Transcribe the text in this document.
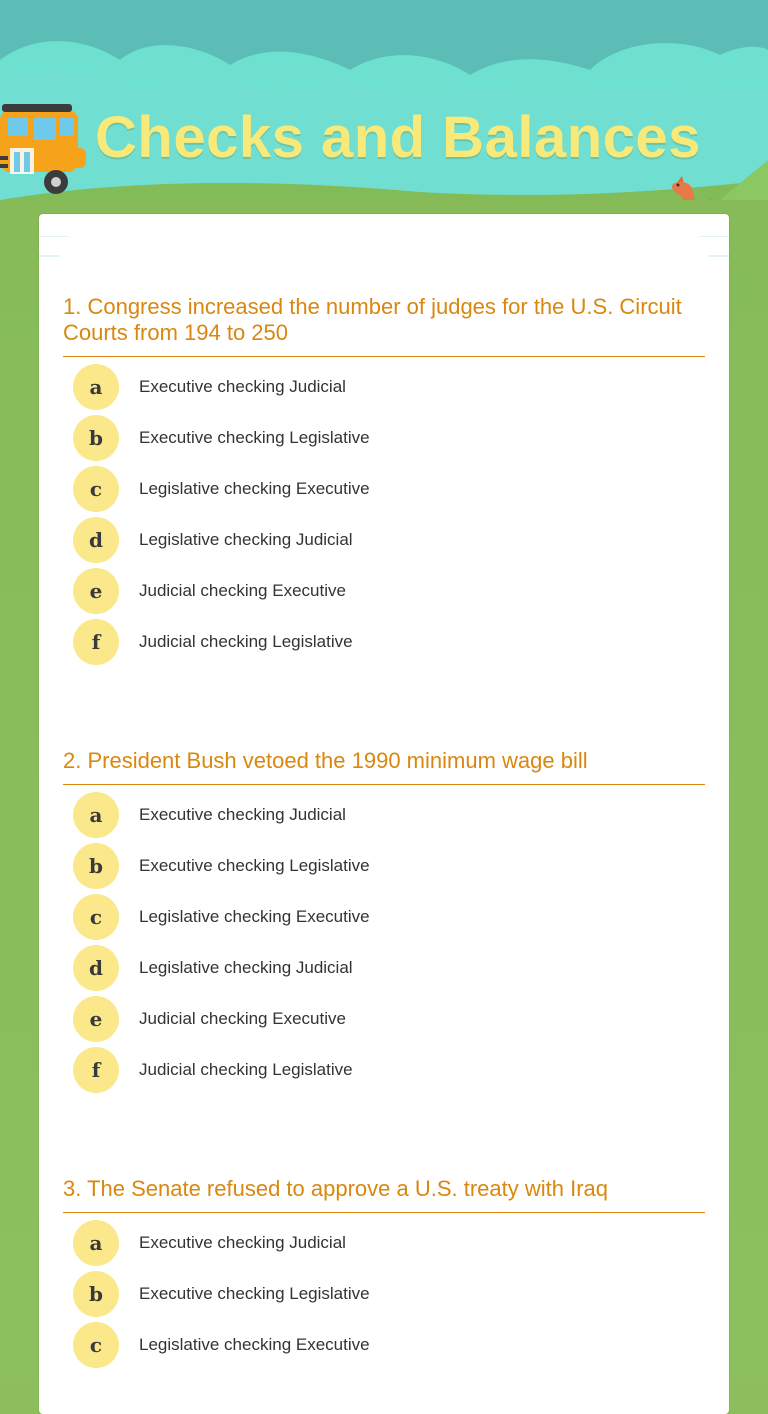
Checks and Balances
1. Congress increased the number of judges for the U.S. Circuit Courts from 194 to 250
a	Executive checking Judicial
b	Executive checking Legislative
c	Legislative checking Executive
d	Legislative checking Judicial
e	Judicial checking Executive
f	Judicial checking Legislative
2. President Bush vetoed the 1990 minimum wage bill
a	Executive checking Judicial
b	Executive checking Legislative
c	Legislative checking Executive
d	Legislative checking Judicial
e	Judicial checking Executive
f	Judicial checking Legislative
3. The Senate refused to approve a U.S. treaty with Iraq
a	Executive checking Judicial
b	Executive checking Legislative
c	Legislative checking Executive
